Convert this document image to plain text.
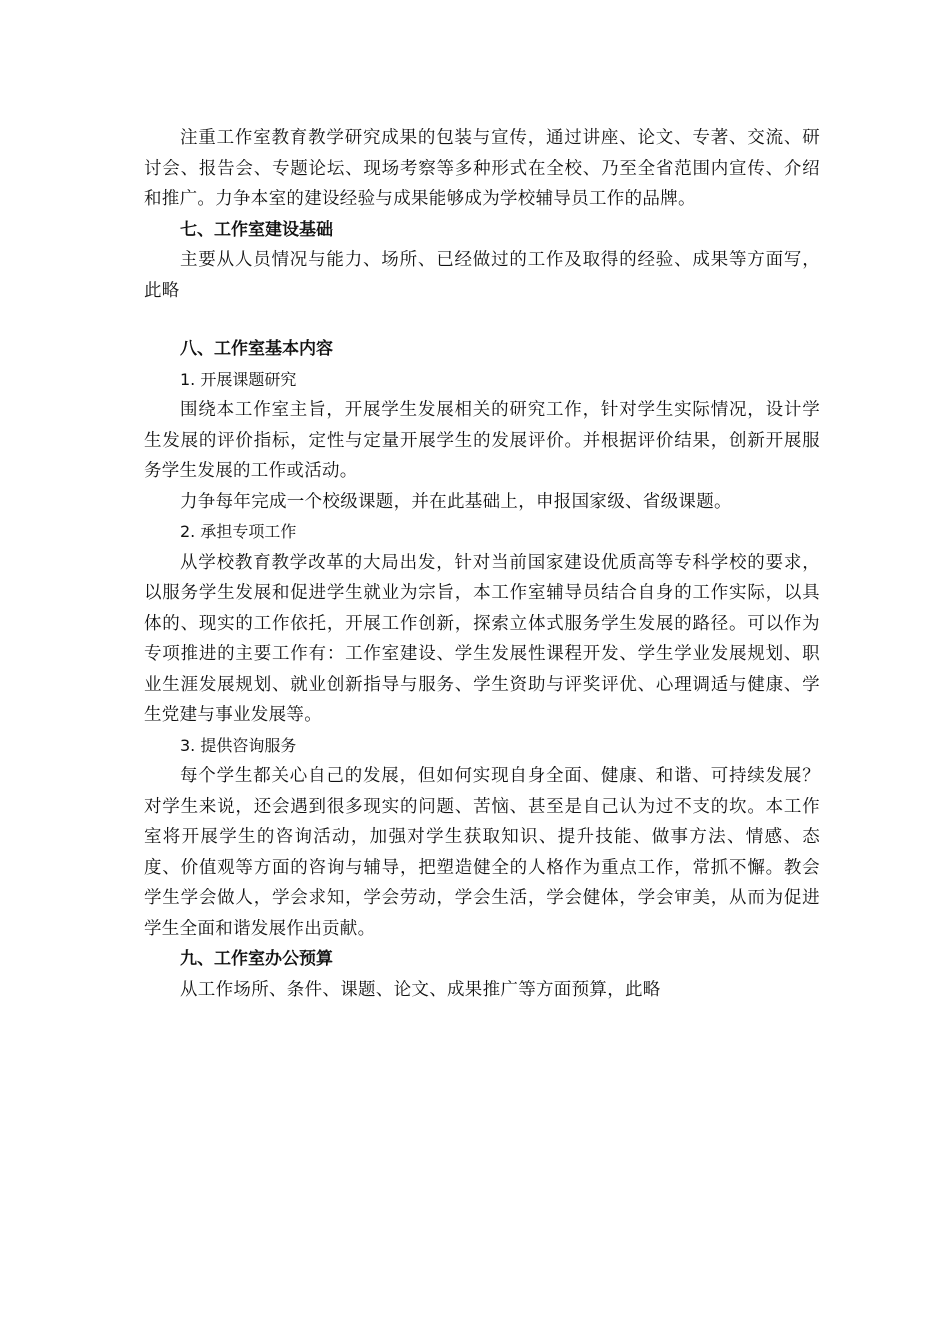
注重工作室教育教学研究成果的包装与宣传，通过讲座、论文、专著、交流、研讨会、报告会、专题论坛、现场考察等多种形式在全校、乃至全省范围内宣传、介绍和推广。力争本室的建设经验与成果能够成为学校辅导员工作的品牌。

七、工作室建设基础

主要从人员情况与能力、场所、已经做过的工作及取得的经验、成果等方面写，此略

八、工作室基本内容

1. 开展课题研究

围绕本工作室主旨，开展学生发展相关的研究工作，针对学生实际情况，设计学生发展的评价指标，定性与定量开展学生的发展评价。并根据评价结果，创新开展服务学生发展的工作或活动。

力争每年完成一个校级课题，并在此基础上，申报国家级、省级课题。

2. 承担专项工作

从学校教育教学改革的大局出发，针对当前国家建设优质高等专科学校的要求，以服务学生发展和促进学生就业为宗旨，本工作室辅导员结合自身的工作实际，以具体的、现实的工作依托，开展工作创新，探索立体式服务学生发展的路径。可以作为专项推进的主要工作有：工作室建设、学生发展性课程开发、学生学业发展规划、职业生涯发展规划、就业创新指导与服务、学生资助与评奖评优、心理调适与健康、学生党建与事业发展等。

3. 提供咨询服务

每个学生都关心自己的发展，但如何实现自身全面、健康、和谐、可持续发展？对学生来说，还会遇到很多现实的问题、苦恼、甚至是自己认为过不支的坎。本工作室将开展学生的咨询活动，加强对学生获取知识、提升技能、做事方法、情感、态度、价值观等方面的咨询与辅导，把塑造健全的人格作为重点工作，常抓不懈。教会学生学会做人，学会求知，学会劳动，学会生活，学会健体，学会审美，从而为促进学生全面和谐发展作出贡献。

九、工作室办公预算

从工作场所、条件、课题、论文、成果推广等方面预算，此略
